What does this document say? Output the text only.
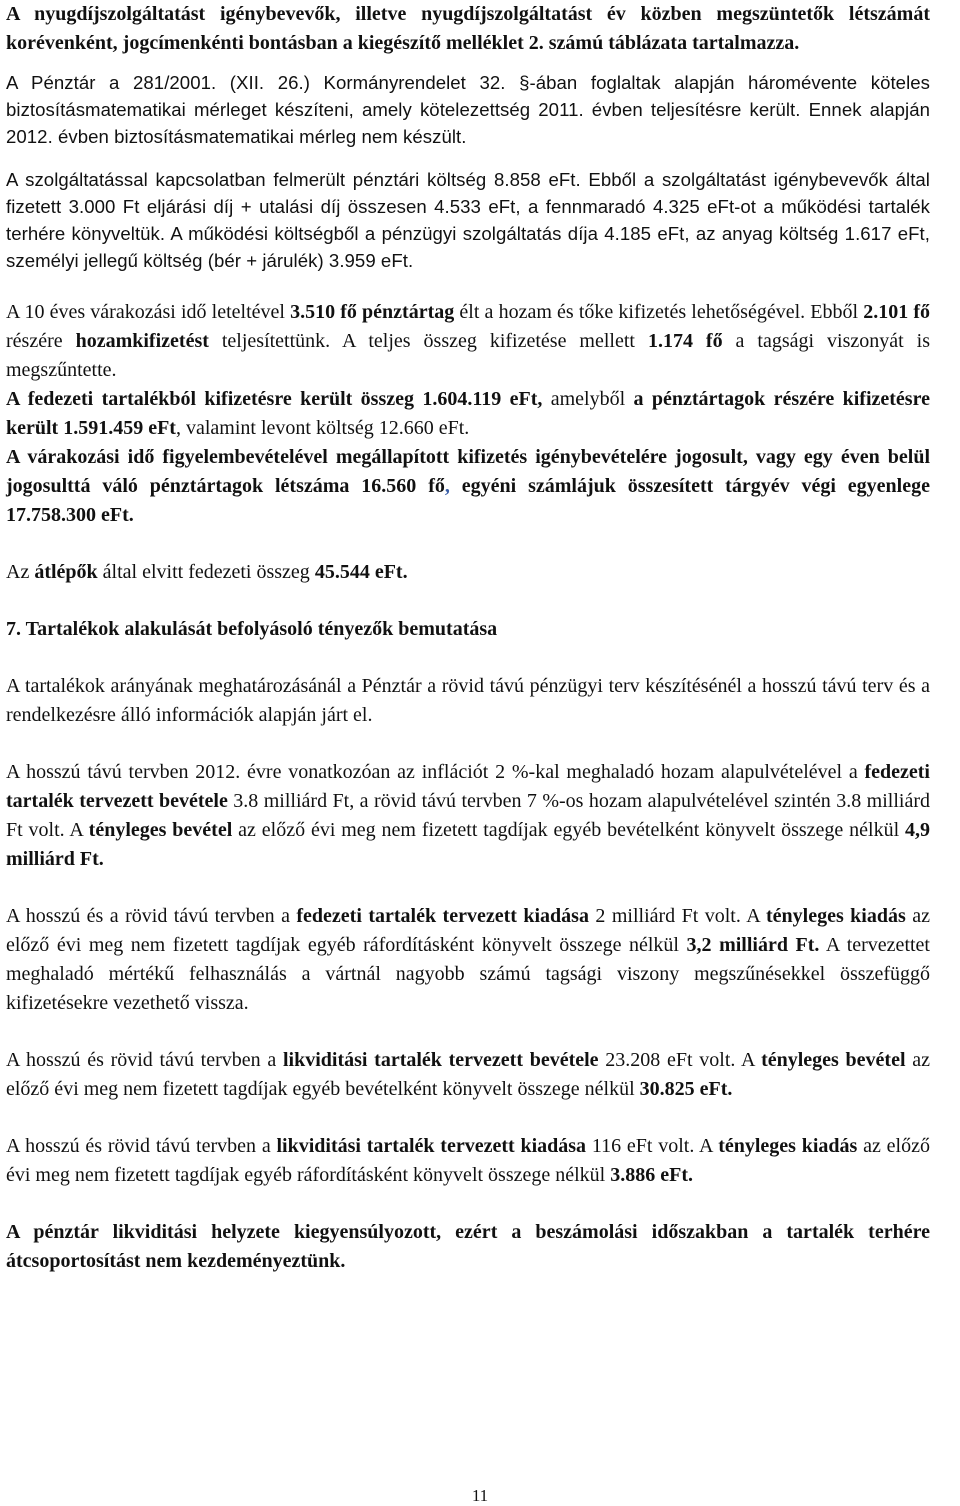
A nyugdíjszolgáltatást igénybevevők, illetve nyugdíjszolgáltatást év közben megszüntetők létszámát korévenként, jogcímenkénti bontásban a kiegészítő melléklet 2. számú táblázata tartalmazza.

A Pénztár a 281/2001. (XII. 26.) Kormányrendelet 32. §-ában foglaltak alapján háromévente köteles biztosításmatematikai mérleget készíteni, amely kötelezettség 2011. évben teljesítésre került. Ennek alapján 2012. évben biztosításmatematikai mérleg nem készült.

A szolgáltatással kapcsolatban felmerült pénztári költség 8.858 eFt. Ebből a szolgáltatást igénybevevők által fizetett 3.000 Ft eljárási díj + utalási díj összesen 4.533 eFt, a fennmaradó 4.325 eFt-ot a működési tartalék terhére könyveltük. A működési költségből a pénzügyi szolgáltatás díja 4.185 eFt, az anyag költség 1.617 eFt, személyi jellegű költség (bér + járulék) 3.959 eFt.

A 10 éves várakozási idő leteltével 3.510 fő pénztártag élt a hozam és tőke kifizetés lehetőségével. Ebből 2.101 fő részére hozamkifizetést teljesítettünk. A teljes összeg kifizetése mellett 1.174 fő a tagsági viszonyát is megszűntette.

A fedezeti tartalékból kifizetésre került összeg 1.604.119 eFt, amelyből a pénztártagok részére kifizetésre került 1.591.459 eFt, valamint levont költség 12.660 eFt.

A várakozási idő figyelembevételével megállapított kifizetés igénybevételére jogosult, vagy egy éven belül jogosulttá váló pénztártagok létszáma 16.560 fő, egyéni számlájuk összesített tárgyév végi egyenlege 17.758.300 eFt.

Az átlépők által elvitt fedezeti összeg 45.544 eFt.

7. Tartalékok alakulását befolyásoló tényezők bemutatása

A tartalékok arányának meghatározásánál a Pénztár a rövid távú pénzügyi terv készítésénél a hosszú távú terv és a rendelkezésre álló információk alapján járt el.

A hosszú távú tervben 2012. évre vonatkozóan az inflációt 2 %-kal meghaladó hozam alapulvételével a fedezeti tartalék tervezett bevétele 3.8 milliárd Ft, a rövid távú tervben 7 %-os hozam alapulvételével szintén 3.8 milliárd Ft volt. A tényleges bevétel az előző évi meg nem fizetett tagdíjak egyéb bevételként könyvelt összege nélkül 4,9 milliárd Ft.

A hosszú és a rövid távú tervben a fedezeti tartalék tervezett kiadása 2 milliárd Ft volt. A tényleges kiadás az előző évi meg nem fizetett tagdíjak egyéb ráfordításként könyvelt összege nélkül 3,2 milliárd Ft. A tervezettet meghaladó mértékű felhasználás a vártnál nagyobb számú tagsági viszony megszűnésekkel összefüggő kifizetésekre vezethető vissza.

A hosszú és rövid távú tervben a likviditási tartalék tervezett bevétele 23.208 eFt volt. A tényleges bevétel az előző évi meg nem fizetett tagdíjak egyéb bevételként könyvelt összege nélkül 30.825 eFt.

A hosszú és rövid távú tervben a likviditási tartalék tervezett kiadása 116 eFt volt. A tényleges kiadás az előző évi meg nem fizetett tagdíjak egyéb ráfordításként könyvelt összege nélkül 3.886 eFt.

A pénztár likviditási helyzete kiegyensúlyozott, ezért a beszámolási időszakban a tartalék terhére átcsoportosítást nem kezdeményeztünk.

11
